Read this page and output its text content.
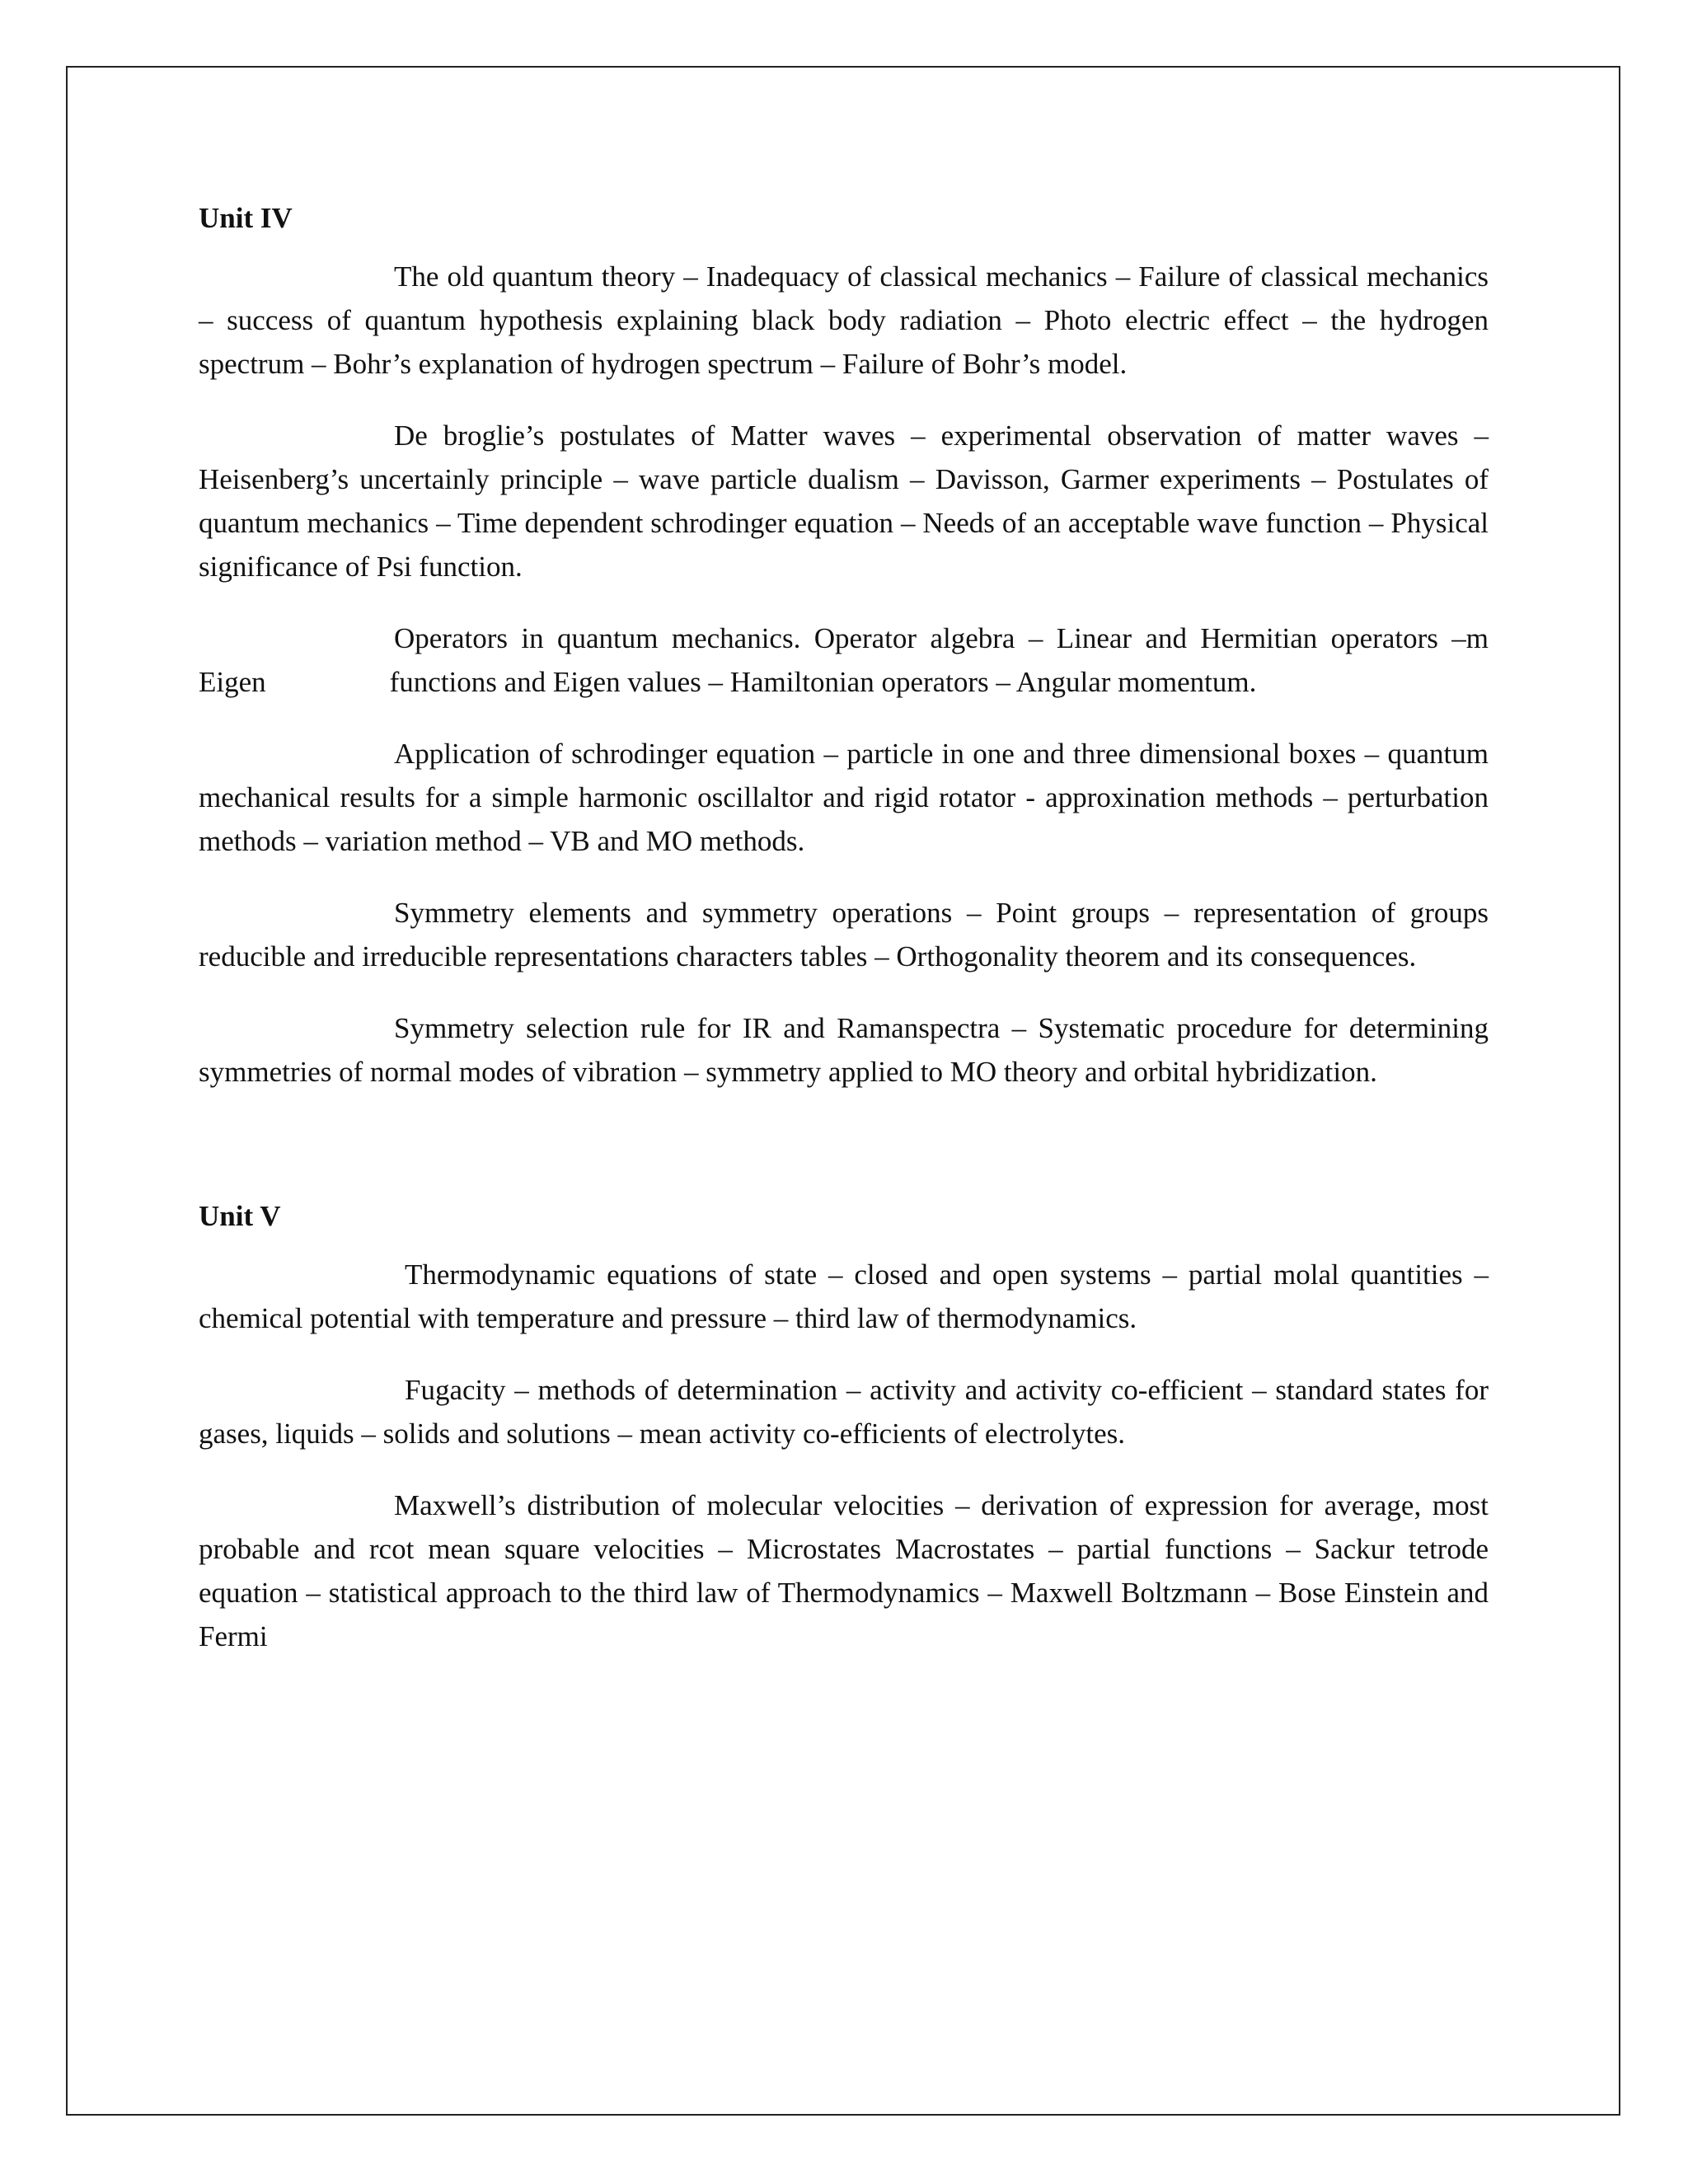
Unit IV

The old quantum theory – Inadequacy of classical mechanics – Failure of classical mechanics – success of quantum hypothesis explaining black body radiation – Photo electric effect – the hydrogen spectrum – Bohr’s explanation of hydrogen spectrum – Failure of Bohr’s model.

De broglie’s postulates of Matter waves – experimental observation of matter waves – Heisenberg’s uncertainly principle – wave particle dualism – Davisson, Garmer experiments – Postulates of quantum mechanics – Time dependent schrodinger equation – Needs of an acceptable wave function – Physical significance of Psi function.

Operators in quantum mechanics. Operator algebra – Linear and Hermitian operators –m Eigen	functions and Eigen values – Hamiltonian operators – Angular momentum.

Application of schrodinger equation – particle in one and three dimensional boxes – quantum mechanical results for a simple harmonic oscillaltor and rigid rotator - approxination methods – perturbation methods – variation method – VB and MO methods.

Symmetry elements and symmetry operations – Point groups – representation of groups reducible and irreducible representations characters tables – Orthogonality theorem and its consequences.

Symmetry selection rule for IR and Ramanspectra – Systematic procedure for determining symmetries of normal modes of vibration – symmetry applied to MO theory and orbital hybridization.

Unit V

Thermodynamic equations of state – closed and open systems – partial molal quantities – chemical potential with temperature and pressure – third law of thermodynamics.

Fugacity – methods of determination – activity and activity co-efficient – standard states for gases, liquids – solids and solutions – mean activity co-efficients of electrolytes.

Maxwell’s distribution of molecular velocities – derivation of expression for average, most probable and rcot mean square velocities – Microstates Macrostates – partial functions – Sackur tetrode equation – statistical approach to the third law of Thermodynamics – Maxwell Boltzmann – Bose Einstein and Fermi
